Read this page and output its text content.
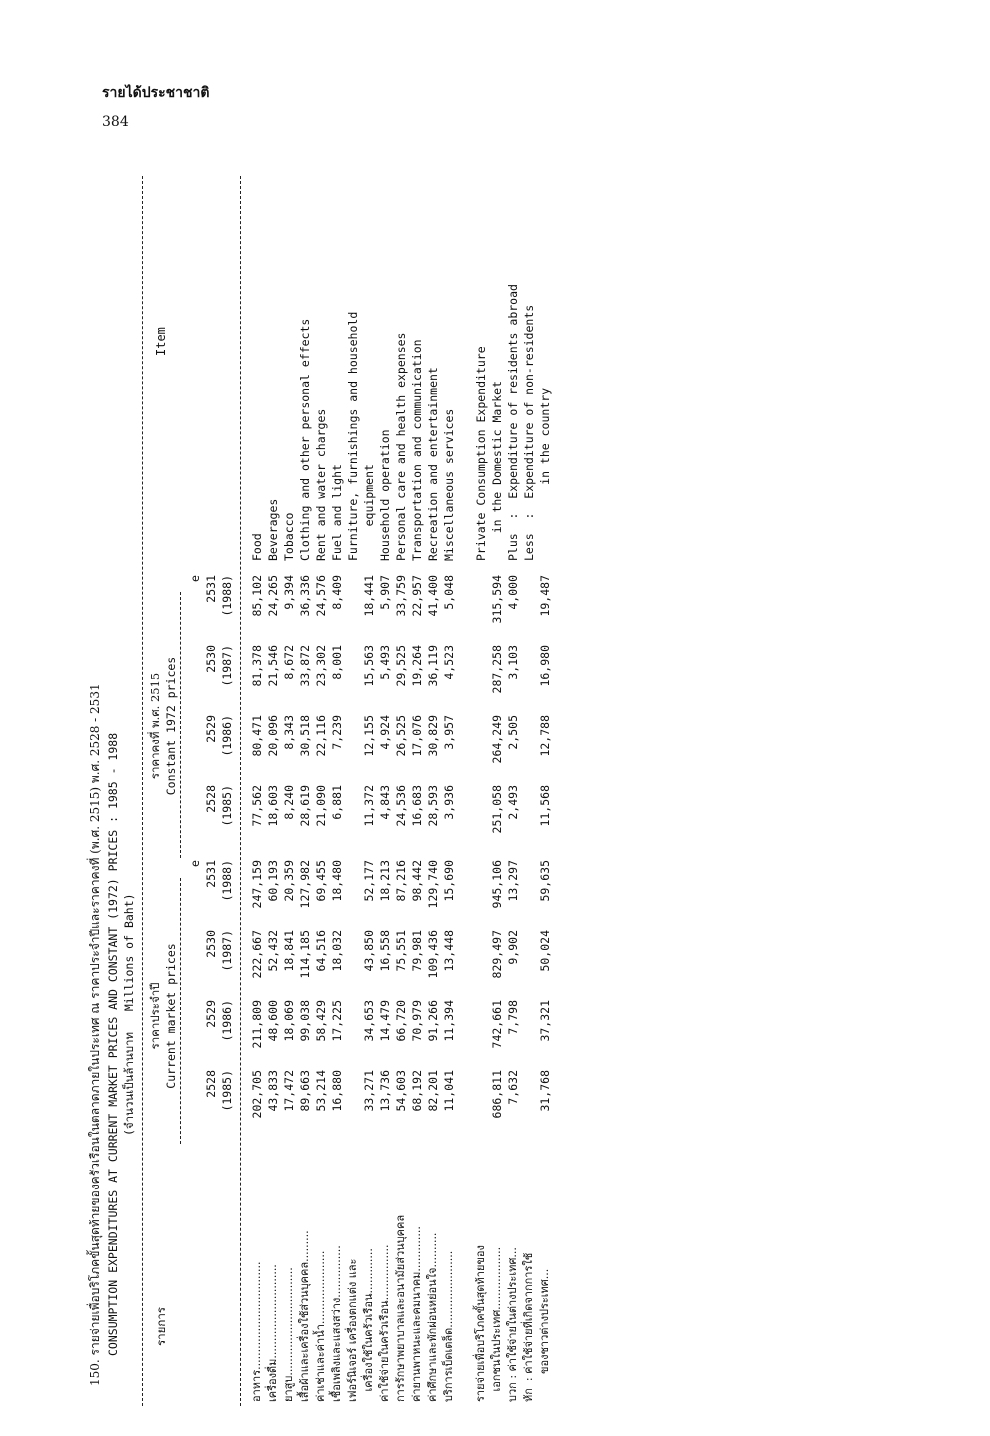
รายได้ประชาชาติ
384
150. รายจ่ายเพื่อบริโภคขั้นสุดท้ายของครัวเรือนในตลาดภายในประเทศ ณ ราคาประจำปีและราคาคงที่ (พ.ศ. 2515) พ.ศ. 2528 - 2531 CONSUMPTION EXPENDITURES AT CURRENT MARKET PRICES AND CONSTANT (1972) PRICES : 1985 - 1988 (จำนวนเป็นล้านบาท   Millions of Baht)
รายการ
Item
ราคาประจำปี Current market prices
ราคาคงที่ พ.ศ. 2515 Constant 1972 prices
2528 (1985)
2529 (1986)
2530 (1987)
e 2531 (1988)
2528 (1985)
2529 (1986)
2530 (1987)
e 2531 (1988)
อาหาร...............................
202,705
211,809
222,667
247,159
77,562
80,471
81,378
85,102
Food
เครื่องดื่ม...........................
43,833
48,600
52,432
60,193
18,603
20,096
21,546
24,265
Beverages
ยาสูบ...............................
17,472
18,069
18,841
20,359
8,240
8,343
8,672
9,394
Tobacco
เสื้อผ้าและเครื่องใช้ส่วนบุคคล.........
89,663
99,038
114,185
127,982
28,619
30,518
33,872
36,336
Clothing and other personal effects
ค่าเช่าและค่าน้ำ.....................
53,214
58,429
64,516
69,455
21,090
22,116
23,302
24,576
Rent and water charges
เชื้อเพลิงและแสงสว่าง...............
16,880
17,225
18,032
18,480
6,881
7,239
8,001
8,409
Fuel and light
เฟอร์นิเจอร์ เครื่องตกแต่ง และ
Furniture, furnishings and household
เครื่องใช้ในครัวเรือน.............
33,271
34,653
43,850
52,177
11,372
12,155
15,563
18,441
equipment
ค่าใช้จ่ายในครัวเรือน................
13,736
14,479
16,558
18,213
4,843
4,924
5,493
5,907
Household operation
การรักษาพยาบาลและอนามัยส่วนบุคคล
54,603
66,720
75,551
87,216
24,536
26,525
29,525
33,759
Personal care and health expenses
ค่ายานพาหนะและคมนาคม.............
68,192
70,979
79,981
98,442
16,683
17,076
19,264
22,957
Transportation and communication
ค่าศึกษาและพักผ่อนหย่อนใจ..........
82,201
91,266
109,436
129,740
28,593
30,829
36,119
41,400
Recreation and entertainment
บริการเบ็ดเตล็ด......................
11,041
11,394
13,448
15,690
3,936
3,957
4,523
5,048
Miscellaneous services
รายจ่ายเพื่อบริโภคขั้นสุดท้ายของ
Private Consumption Expenditure
เอกชนในประเทศ..................
686,811
742,661
829,497
945,106
251,058
264,249
287,258
315,594
in the Domestic Market
บวก : ค่าใช้จ่ายในต่างประเทศ...
7,632
7,798
9,902
13,297
2,493
2,505
3,103
4,000
Plus  :  Expenditure of residents abroad
หัก  : ค่าใช้จ่ายที่เกิดจากการใช้
Less  :  Expenditure of non-residents
ของชาวต่างประเทศ...
31,768
37,321
50,024
59,635
11,568
12,788
16,980
19,487
in the country
